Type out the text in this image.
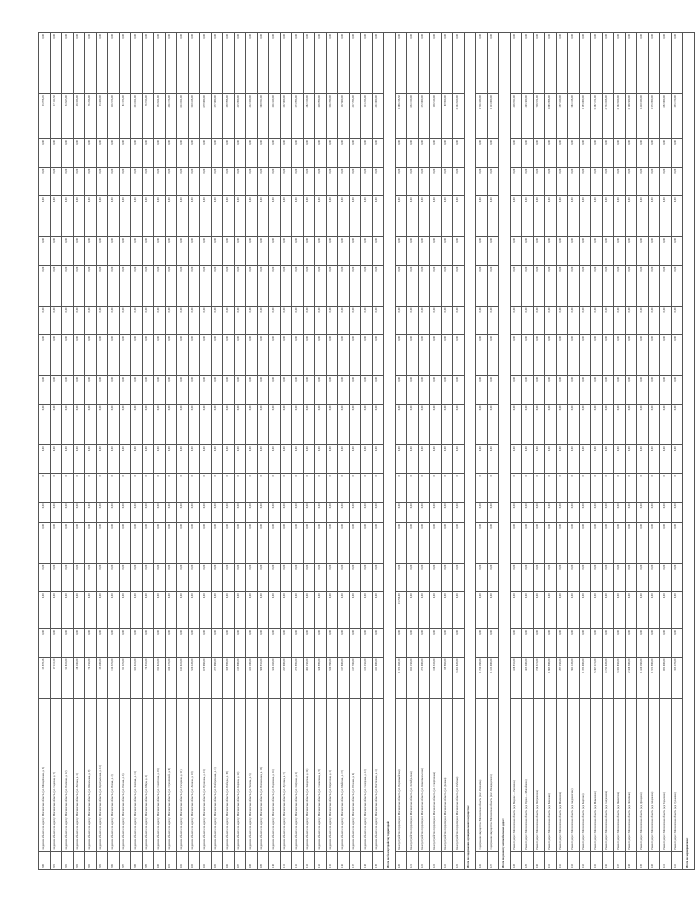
390	подделки объекта по адресу: Московская область (ул. Молодёжная, д. 5)	35 978,28	0,00	0,00	0,00	0,00	0,00	0	0,00	0,00	0,00	0,00	0,00	0,00	0,00	0,00	0,00	0,00	35 978,28	0,00
391	подделки объекта по адресу: Московская область (ул. Садовая, д. 7)	17 112,50	0,00	0,00	0,00	0,00	0,00	0	0,00	0,00	0,00	0,00	0,00	0,00	0,00	0,00	0,00	0,00	17 112,50	0,00
392	подделки объекта по адресу: Московская область (ул. Полевая, д. 12)	54 845,00	0,00	0,00	0,00	0,00	0,00	0	0,00	0,00	0,00	0,00	0,00	0,00	0,00	0,00	0,00	0,00	54 845,00	0,00
393	подделки объекта по адресу: Московская область (ул. Лесная, д. 3)	48 106,00	0,00	0,00	0,00	0,00	0,00	0	0,00	0,00	0,00	0,00	0,00	0,00	0,00	0,00	0,00	0,00	48 106,00	0,00
394	подделки объекта по адресу: Московская область (ул. Школьная, д. 9)	76 256,00	0,00	0,00	0,00	0,00	0,00	0	0,00	0,00	0,00	0,00	0,00	0,00	0,00	0,00	0,00	0,00	76 256,00	0,00
395	подделки объекта по адресу: Московская область (ул. Центральная, д. 14)	35 400,00	0,00	0,00	0,00	0,00	0,00	0	0,00	0,00	0,00	0,00	0,00	0,00	0,00	0,00	0,00	0,00	35 400,00	0,00
396	подделки объекта по адресу: Московская область (ул. Новая, д. 2)	116 576,00	0,00	0,00	0,00	0,00	0,00	0	0,00	0,00	0,00	0,00	0,00	0,00	0,00	0,00	0,00	0,00	116 576,00	0,00
397	подделки объекта по адресу: Московская область (ул. Речная, д. 6)	81 376,00	0,00	0,00	0,00	0,00	0,00	0	0,00	0,00	0,00	0,00	0,00	0,00	0,00	0,00	0,00	0,00	81 376,00	0,00
398	подделки объекта по адресу: Московская область (ул. Зелёная, д. 11)	333 024,00	0,00	0,00	0,00	0,00	0,00	0	0,00	0,00	0,00	0,00	0,00	0,00	0,00	0,00	0,00	0,00	333 024,00	0,00
399	подделки объекта по адресу: Московская область (ул. Мира, д. 4)	76 916,00	0,00	0,00	0,00	0,00	0,00	0	0,00	0,00	0,00	0,00	0,00	0,00	0,00	0,00	0,00	0,00	76 916,00	0,00
400	подделки объекта по адресу: Московская область (ул. Советская, д. 18)	154 824,00	0,00	0,00	0,00	0,00	0,00	0	0,00	0,00	0,00	0,00	0,00	0,00	0,00	0,00	0,00	0,00	154 824,00	0,00
401	подделки объекта по адресу: Московская область (ул. Строителей, д. 8)	436 176,00	0,00	0,00	0,00	0,00	0,00	0	0,00	0,00	0,00	0,00	0,00	0,00	0,00	0,00	0,00	0,00	436 176,00	0,00
402	подделки объекта по адресу: Московская область (ул. Гагарина, д. 21)	614 024,00	0,00	0,00	0,00	0,00	0,00	0	0,00	0,00	0,00	0,00	0,00	0,00	0,00	0,00	0,00	0,00	614 024,00	0,00
403	подделки объекта по адресу: Московская область (ул. Ленина, д. 10)	520 428,00	0,00	0,00	0,00	0,00	0,00	0	0,00	0,00	0,00	0,00	0,00	0,00	0,00	0,00	0,00	0,00	520 428,00	0,00
404	подделки объекта по адресу: Московская область (ул. Пушкина, д. 15)	679 080,00	0,00	0,00	0,00	0,00	0,00	0	0,00	0,00	0,00	0,00	0,00	0,00	0,00	0,00	0,00	0,00	679 080,00	0,00
405	подделки объекта по адресу: Московская область (ул. Набережная, д. 1)	277 080,00	0,00	0,00	0,00	0,00	0,00	0	0,00	0,00	0,00	0,00	0,00	0,00	0,00	0,00	0,00	0,00	277 080,00	0,00
406	подделки объекта по адресу: Московская область (ул. Победы, д. 19)	359 998,00	0,00	0,00	0,00	0,00	0,00	0	0,00	0,00	0,00	0,00	0,00	0,00	0,00	0,00	0,00	0,00	359 998,00	0,00
407	подделки объекта по адресу: Московская область (ул. Кирова, д. 22)	415 900,00	0,00	0,00	0,00	0,00	0,00	0	0,00	0,00	0,00	0,00	0,00	0,00	0,00	0,00	0,00	0,00	415 900,00	0,00
408	подделки объекта по адресу: Московская область (ул. Чехова, д. 5)	422 100,00	0,00	0,00	0,00	0,00	0,00	0	0,00	0,00	0,00	0,00	0,00	0,00	0,00	0,00	0,00	0,00	422 100,00	0,00
409	подделки объекта по адресу: Московская область (ул. Вокзальная, д. 13)	500 932,00	0,00	0,00	0,00	0,00	0,00	0	0,00	0,00	0,00	0,00	0,00	0,00	0,00	0,00	0,00	0,00	500 932,00	0,00
410	подделки объекта по адресу: Московская область (ул. Парковая, д. 16)	346 160,00	0,00	0,00	0,00	0,00	0,00	0	0,00	0,00	0,00	0,00	0,00	0,00	0,00	0,00	0,00	0,00	346 160,00	0,00
411	подделки объекта по адресу: Московская область (ул. Луговая, д. 7)	237 000,00	0,00	0,00	0,00	0,00	0,00	0	0,00	0,00	0,00	0,00	0,00	0,00	0,00	0,00	0,00	0,00	237 000,00	0,00
412	подделки объекта по адресу: Московская область (ул. Озёрная, д. 3)	273 996,00	0,00	0,00	0,00	0,00	0,00	0	0,00	0,00	0,00	0,00	0,00	0,00	0,00	0,00	0,00	0,00	273 996,00	0,00
413	подделки объекта по адресу: Московская область (ул. Заводская, д. 24)	482 150,00	0,00	0,00	0,00	0,00	0,00	0	0,00	0,00	0,00	0,00	0,00	0,00	0,00	0,00	0,00	0,00	482 150,00	0,00
414	подделки объекта по адресу: Московская область (ул. Солнечная, д. 9)	348 990,00	0,00	0,00	0,00	0,00	0,00	0	0,00	0,00	0,00	0,00	0,00	0,00	0,00	0,00	0,00	0,00	348 990,00	0,00
415	подделки объекта по адресу: Московская область (ул. Береговая, д. 2)	536 780,00	0,00	0,00	0,00	0,00	0,00	0	0,00	0,00	0,00	0,00	0,00	0,00	0,00	0,00	0,00	0,00	536 780,00	0,00
416	подделки объекта по адресу: Московская область (ул. Майская, д. 17)	137 800,00	0,00	0,00	0,00	0,00	0,00	0	0,00	0,00	0,00	0,00	0,00	0,00	0,00	0,00	0,00	0,00	137 800,00	0,00
417	подделки объекта по адресу: Московская область (ул. Южная, д. 6)	417 706,00	0,00	0,00	0,00	0,00	0,00	0	0,00	0,00	0,00	0,00	0,00	0,00	0,00	0,00	0,00	0,00	417 706,00	0,00
418	подделки объекта по адресу: Московская область (ул. Северная, д. 12)	123 256,00	0,00	0,00	0,00	0,00	0,00	0	0,00	0,00	0,00	0,00	0,00	0,00	0,00	0,00	0,00	0,00	123 256,00	0,00
419	подделки объекта по адресу: Московская область (ул. Восточная, д. 4)	431 000,00	0,00	0,00	0,00	0,00	0,00	0	0,00	0,00	0,00	0,00	0,00	0,00	0,00	0,00	0,00	0,00	431 000,00	0,00
Итого по благоустройству территорий:																				
420	Благоустройство территории: Московская область (ул. Первомайская)	1 374 468,50	0,00	13 750,00	0,00	0,00	0,00	0	0,00	0,00	0,00	0,00	0,00	0,00	0,00	0,00	0,00	0,00	1 388 218,50	0,00
421	Благоустройство территории: Московская область (ул. Октябрьская)	654 150,00	0,00	0,00	0,00	0,00	0,00	0	0,00	0,00	0,00	0,00	0,00	0,00	0,00	0,00	0,00	0,00	654 150,00	0,00
422	Благоустройство территории: Московская область (ул. Комсомольская)	272 000,00	0,00	0,00	0,00	0,00	0,00	0	0,00	0,00	0,00	0,00	0,00	0,00	0,00	0,00	0,00	0,00	272 000,00	0,00
423	Благоустройство территории: Московская область (ул. Спортивная)	138 510,00	0,00	0,00	0,00	0,00	0,00	0	0,00	0,00	0,00	0,00	0,00	0,00	0,00	0,00	0,00	0,00	138 510,00	0,00
424	Благоустройство территории: Московская область (ул. Дачная)	89 960,00	0,00	0,00	0,00	0,00	0,00	0	0,00	0,00	0,00	0,00	0,00	0,00	0,00	0,00	0,00	0,00	89 960,00	0,00
425	Благоустройство территории: Московская область (ул. Рабочая)	3 264 820,00	0,00	0,00	0,00	0,00	0,00	0	0,00	0,00	0,00	0,00	0,00	0,00	0,00	0,00	0,00	0,00	3 264 820,00	0,00
Итого по содержанию муниципального имущества:																				
426	Содержание имущества: Московская область (пос. Развилка)	1 746 180,00	0,00	0,00	0,00	0,00	0,00	0	0,00	0,00	0,00	0,00	0,00	0,00	0,00	0,00	0,00	0,00	1 746 180,00	0,00
427	Содержание имущества: Московская область (пос. Володарского)	1 123 000,00	0,00	0,00	0,00	0,00	0,00	0	0,00	0,00	0,00	0,00	0,00	0,00	0,00	0,00	0,00	0,00	1 123 000,00	0,00
Итого по ремонту автомобильных дорог:																				
428	Ремонт дорог: Московская область (а/д Видное — Развилка)	428 932,00	0,00	0,00	0,00	0,00	0,00	0	0,00	0,00	0,00	0,00	0,00	0,00	0,00	0,00	0,00	0,00	428 932,00	0,00
429	Ремонт дорог: Московская область (а/д Горки — Мисайлово)	465 300,00	0,00	0,00	0,00	0,00	0,00	0	0,00	0,00	0,00	0,00	0,00	0,00	0,00	0,00	0,00	0,00	465 300,00	0,00
430	Ремонт дорог: Московская область (а/д Петровское)	728 574,00	0,00	0,00	0,00	0,00	0,00	0	0,00	0,00	0,00	0,00	0,00	0,00	0,00	0,00	0,00	0,00	728 574,00	0,00
431	Ремонт дорог: Московская область (а/д Ближнее)	1 885 908,00	0,00	0,00	0,00	0,00	0,00	0	0,00	0,00	0,00	0,00	0,00	0,00	0,00	0,00	0,00	0,00	1 885 908,00	0,00
432	Ремонт дорог: Московская область (а/д Молоково)	297 450,00	0,00	0,00	0,00	0,00	0,00	0	0,00	0,00	0,00	0,00	0,00	0,00	0,00	0,00	0,00	0,00	297 450,00	0,00
433	Ремонт дорог: Московская область (а/д Андреевское)	584 128,00	0,00	0,00	0,00	0,00	0,00	0	0,00	0,00	0,00	0,00	0,00	0,00	0,00	0,00	0,00	0,00	584 128,00	0,00
434	Ремонт дорог: Московская область (а/д Картино)	1 193 000,00	0,00	0,00	0,00	0,00	0,00	0	0,00	0,00	0,00	0,00	0,00	0,00	0,00	0,00	0,00	0,00	1 193 000,00	0,00
435	Ремонт дорог: Московская область (а/д Мамоново)	5 387 474,00	0,00	0,00	0,00	0,00	0,00	0	0,00	0,00	0,00	0,00	0,00	0,00	0,00	0,00	0,00	0,00	5 387 474,00	0,00
436	Ремонт дорог: Московская область (а/д Сапроново)	4 734 028,00	0,00	0,00	0,00	0,00	0,00	0	0,00	0,00	0,00	0,00	0,00	0,00	0,00	0,00	0,00	0,00	4 734 028,00	0,00
437	Ремонт дорог: Московская область (а/д Ямонтово)	3 102 850,00	0,00	0,00	0,00	0,00	0,00	0	0,00	0,00	0,00	0,00	0,00	0,00	0,00	0,00	0,00	0,00	3 102 850,00	0,00
438	Ремонт дорог: Московская область (а/д Лопатино)	2 168 500,00	0,00	0,00	0,00	0,00	0,00	0	0,00	0,00	0,00	0,00	0,00	0,00	0,00	0,00	0,00	0,00	2 168 500,00	0,00
439	Ремонт дорог: Московская область (а/д Дроздово)	1 440 180,00	0,00	0,00	0,00	0,00	0,00	0	0,00	0,00	0,00	0,00	0,00	0,00	0,00	0,00	0,00	0,00	1 440 180,00	0,00
440	Ремонт дорог: Московская область (а/д Апаринки)	1 574 900,00	0,00	0,00	0,00	0,00	0,00	0	0,00	0,00	0,00	0,00	0,00	0,00	0,00	0,00	0,00	0,00	1 574 900,00	0,00
441	Ремонт дорог: Московская область (а/д Тарычево)	692 000,00	0,00	0,00	0,00	0,00	0,00	0	0,00	0,00	0,00	0,00	0,00	0,00	0,00	0,00	0,00	0,00	692 000,00	0,00
442	Ремонт дорог: Московская область (а/д Суханово)	355 170,00	0,00	0,00	0,00	0,00	0,00	0	0,00	0,00	0,00	0,00	0,00	0,00	0,00	0,00	0,00	0,00	355 170,00	0,00
Итого по мероприятиям:																				
